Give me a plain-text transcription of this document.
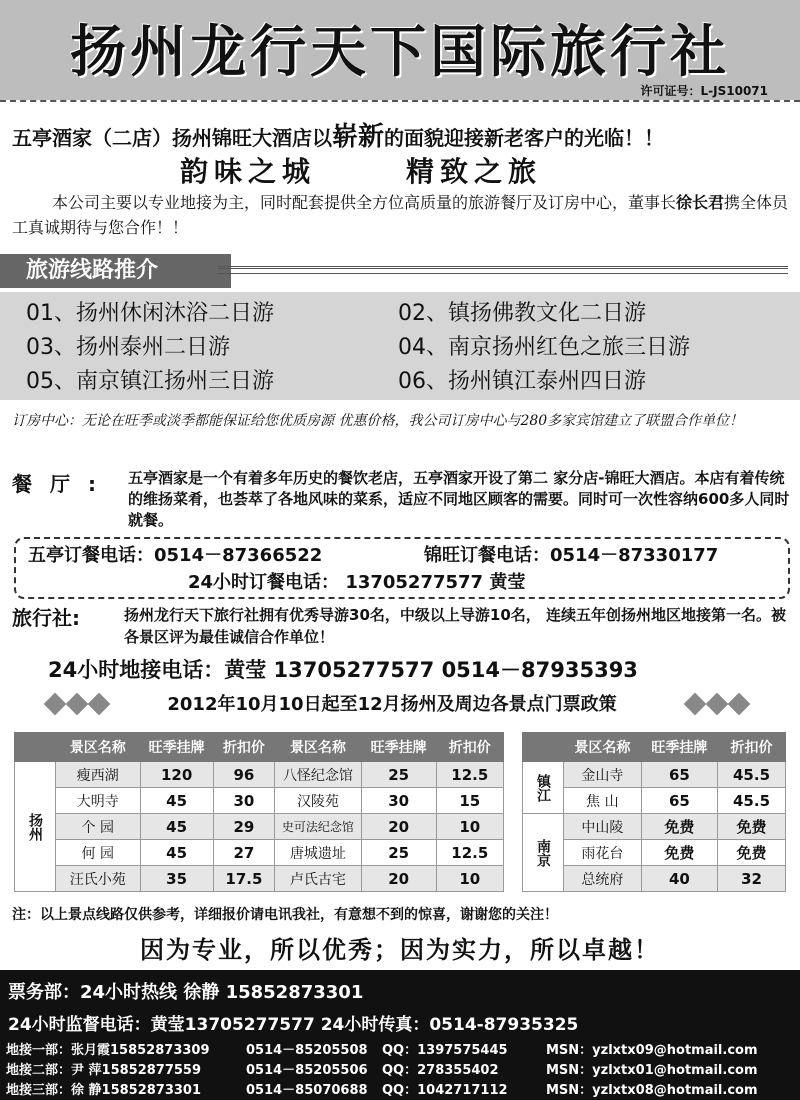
扬州龙行天下国际旅行社
许可证号：L-JS10071
五亭酒家（二店）扬州锦旺大酒店以崭新的面貌迎接新老客户的光临！！
韵味之城	精致之旅
本公司主要以专业地接为主，同时配套提供全方位高质量的旅游餐厅及订房中心，董事长徐长君携全体员工真诚期待与您合作！！
旅游线路推介
01、扬州休闲沐浴二日游	02、镇扬佛教文化二日游
03、扬州泰州二日游	04、南京扬州红色之旅三日游
05、南京镇江扬州三日游	06、扬州镇江泰州四日游
订房中心：无论在旺季或淡季都能保证给您优质房源 优惠价格，我公司订房中心与280多家宾馆建立了联盟合作单位！
餐厅: 五亭酒家是一个有着多年历史的餐饮老店，五亭酒家开设了第二 家分店-锦旺大酒店。本店有着传统的维扬菜肴，也荟萃了各地风味的菜系，适应不同地区顾客的需要。同时可一次性容纳600多人同时就餐。
五亭订餐电话：0514－87366522	锦旺订餐电话：0514－87330177
24小时订餐电话： 13705277577 黄莹
旅行社:	扬州龙行天下旅行社拥有优秀导游30名，中级以上导游10名， 连续五年创扬州地区地接第一名。被各景区评为最佳诚信合作单位！
24小时地接电话：黄莹 13705277577 0514－87935393
2012年10月10日起至12月扬州及周边各景点门票政策
	景区名称	旺季挂牌	折扣价	景区名称	旺季挂牌	折扣价
扬州	瘦西湖	120	96	八怪纪念馆	25	12.5
	大明寺	45	30	汉陵苑	30	15
	个 园	45	29	史可法纪念馆	20	10
	何 园	45	27	唐城遗址	25	12.5
	汪氏小苑	35	17.5	卢氏古宅	20	10
	景区名称	旺季挂牌	折扣价
镇江	金山寺	65	45.5
	焦 山	65	45.5
南京	中山陵	免费	免费
	雨花台	免费	免费
	总统府	40	32
注：以上景点线路仅供参考，详细报价请电讯我社，有意想不到的惊喜，谢谢您的关注！
因为专业，所以优秀；因为实力，所以卓越！
票务部：24小时热线 徐静 15852873301
24小时监督电话：黄莹13705277577 24小时传真：0514-87935325
地接一部：张月霞15852873309	0514－85205508 QQ：1397575445	MSN：yzlxtx09@hotmail.com
地接二部：尹 萍15852877559	0514－85205506 QQ：278355402	MSN：yzlxtx01@hotmail.com
地接三部：徐 静15852873301	0514－85070688 QQ：1042717112	MSN：yzlxtx08@hotmail.com
